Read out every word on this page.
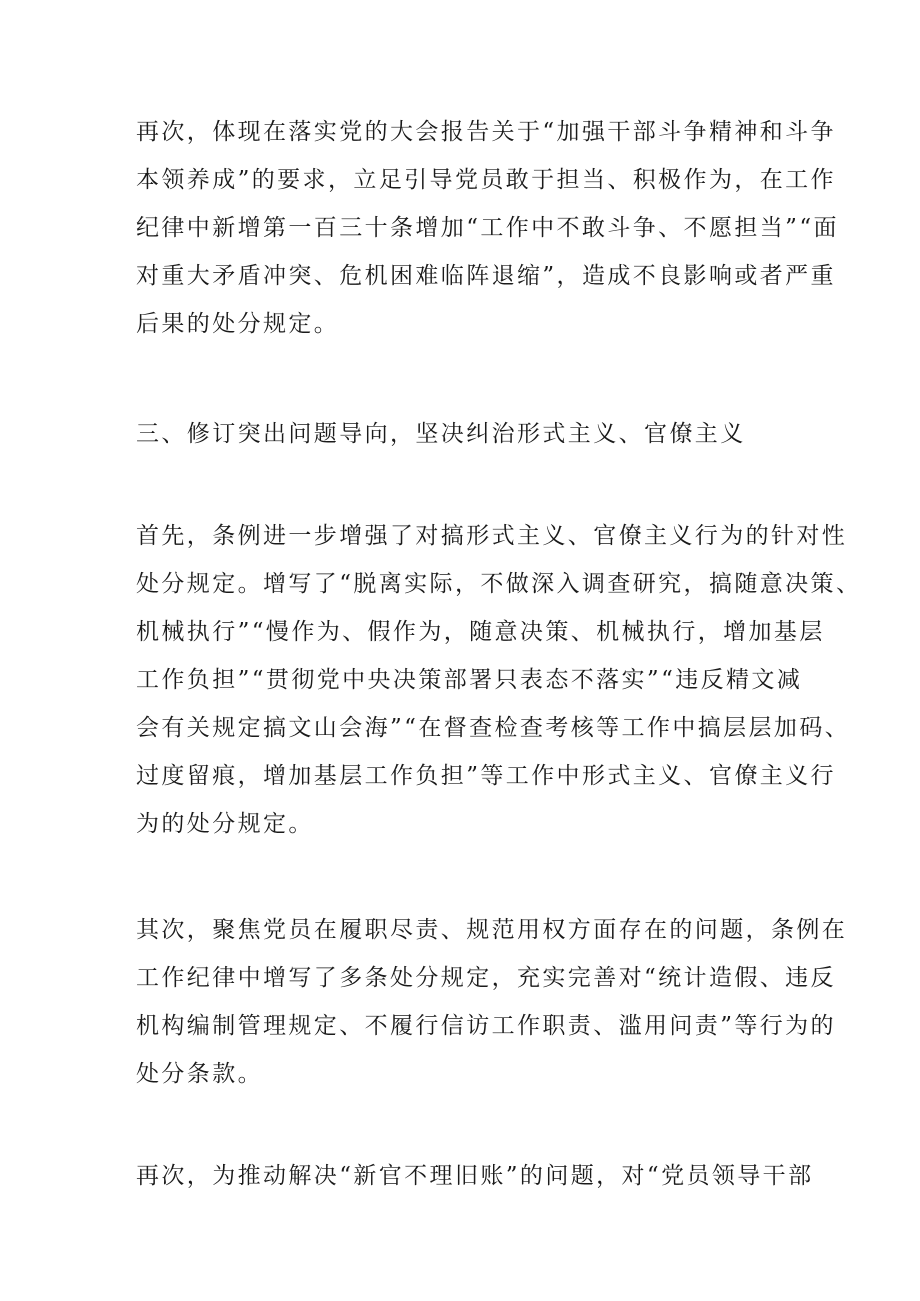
再次，体现在落实党的大会报告关于“加强干部斗争精神和斗争
本领养成”的要求，立足引导党员敢于担当、积极作为，在工作
纪律中新增第一百三十条增加“工作中不敢斗争、不愿担当”“面
对重大矛盾冲突、危机困难临阵退缩”，造成不良影响或者严重
后果的处分规定。

三、修订突出问题导向，坚决纠治形式主义、官僚主义

首先，条例进一步增强了对搞形式主义、官僚主义行为的针对性
处分规定。增写了“脱离实际，不做深入调查研究，搞随意决策、
机械执行”“慢作为、假作为，随意决策、机械执行，增加基层
工作负担”“贯彻党中央决策部署只表态不落实”“违反精文减
会有关规定搞文山会海”“在督查检查考核等工作中搞层层加码、
过度留痕，增加基层工作负担”等工作中形式主义、官僚主义行
为的处分规定。

其次，聚焦党员在履职尽责、规范用权方面存在的问题，条例在
工作纪律中增写了多条处分规定，充实完善对“统计造假、违反
机构编制管理规定、不履行信访工作职责、滥用问责”等行为的
处分条款。

再次，为推动解决“新官不理旧账”的问题，对“党员领导干部
